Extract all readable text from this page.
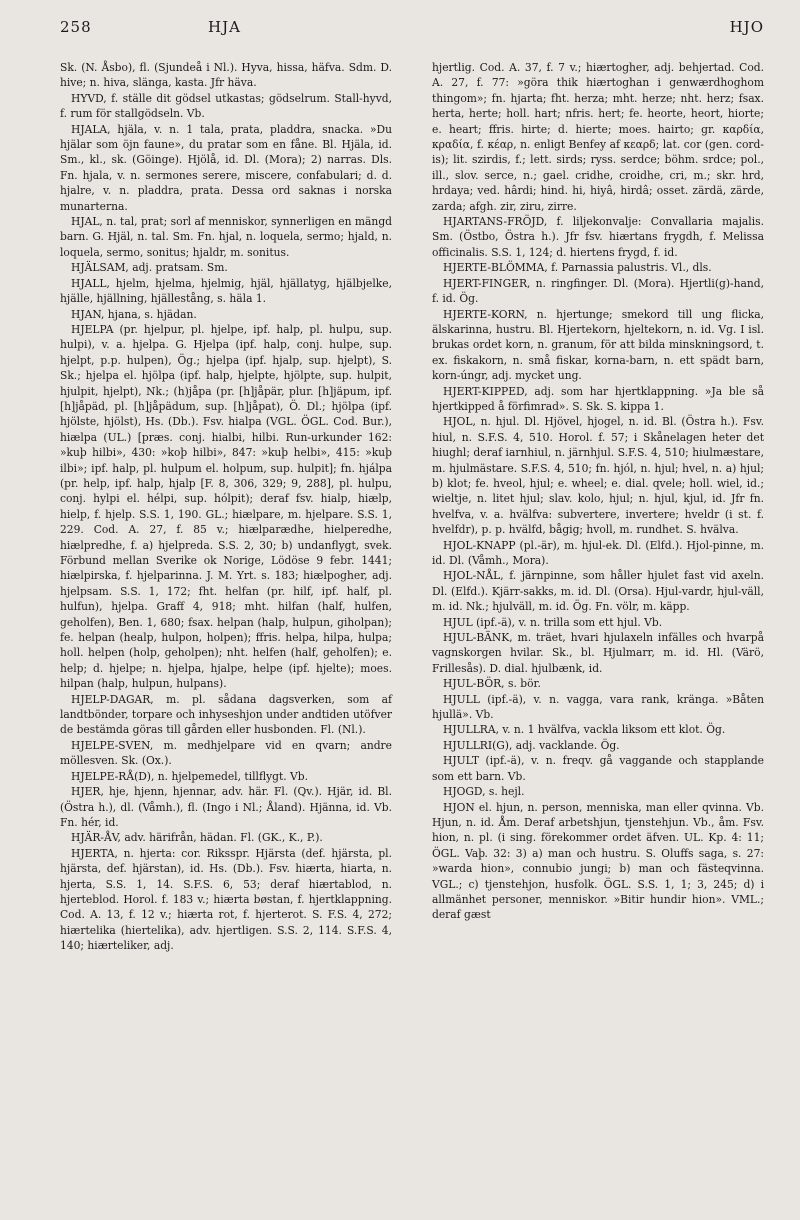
258	HJA	HJO

Sk. (N. Åsbo), fl. (Sjundeå i Nl.). Hyva, hissa, häfva. Sdm. D. hive; n. hiva, slänga, kasta. Jfr häva.

HYVD, f. ställe dit gödsel utkastas; gödselrum. Stall-hyvd, f. rum för stallgödseln. Vb.

HJALA, hjäla, v. n. 1 tala, prata, pladdra, snacka. »Du hjälar som öjn faune», du pratar som en fåne. Bl. Hjäla, id. Sm., kl., sk. (Göinge). Hjölå, id. Dl. (Mora); 2) narras. Dls. Fn. hjala, v. n. sermones serere, miscere, confabulari; d. d. hjalre, v. n. pladdra, prata. Dessa ord saknas i norska munarterna.

HJAL, n. tal, prat; sorl af menniskor, synnerligen en mängd barn. G. Hjäl, n. tal. Sm. Fn. hjal, n. loquela, sermo; hjald, n. loquela, sermo, sonitus; hjaldr, m. sonitus.

HJÄLSAM, adj. pratsam. Sm.

HJALL, hjelm, hjelma, hjelmig, hjäl, hjällatyg, hjälbjelke, hjälle, hjällning, hjällestång, s. häla 1.

HJAN, hjana, s. hjädan.

HJELPA (pr. hjelpur, pl. hjelpe, ipf. halp, pl. hulpu, sup. hulpi), v. a. hjelpa. G. Hjelpa (ipf. halp, conj. hulpe, sup. hjelpt, p.p. hulpen), Ög.; hjelpa (ipf. hjalp, sup. hjelpt), S. Sk.; hjelpa el. hjölpa (ipf. halp, hjelpte, hjölpte, sup. hulpit, hjulpit, hjelpt), Nk.; (h)jåpa (pr. [h]jåpär, plur. [h]jäpum, ipf. [h]jåpäd, pl. [h]jåpädum, sup. [h]jåpat), Ö. Dl.; hjölpa (ipf. hjölste, hjölst), Hs. (Db.). Fsv. hialpa (VGL. ÖGL. Cod. Bur.), hiælpa (UL.) [præs. conj. hialbi, hilbi. Run-urkunder 162: »kuþ hilbi», 430: »koþ hilbi», 847: »kuþ helbi», 415: »kuþ ilbi»; ipf. halp, pl. hulpum el. holpum, sup. hulpit]; fn. hjálpa (pr. help, ipf. halp, hjalp [F. 8, 306, 329; 9, 288], pl. hulpu, conj. hylpi el. hélpi, sup. hólpit); deraf fsv. hialp, hiælp, hielp, f. hjelp. S.S. 1, 190. GL.; hiælpare, m. hjelpare. S.S. 1, 229. Cod. A. 27, f. 85 v.; hiælparædhe, hielperedhe, hiælpredhe, f. a) hjelpreda. S.S. 2, 30; b) undanflygt, svek. Förbund mellan Sverike ok Norige, Lödöse 9 febr. 1441; hiælpirska, f. hjelparinna. J. M. Yrt. s. 183; hiælpogher, adj. hjelpsam. S.S. 1, 172; fht. helfan (pr. hilf, ipf. half, pl. hulfun), hjelpa. Graff 4, 918; mht. hilfan (half, hulfen, geholfen), Ben. 1, 680; fsax. helpan (halp, hulpun, giholpan); fe. helpan (healp, hulpon, holpen); ffris. helpa, hilpa, hulpa; holl. helpen (holp, geholpen); nht. helfen (half, geholfen); e. help; d. hjelpe; n. hjelpa, hjalpe, helpe (ipf. hjelte); moes. hilpan (halp, hulpun, hulpans).

HJELP-DAGAR, m. pl. sådana dagsverken, som af landtbönder, torpare och inhyseshjon under andtiden utöfver de bestämda göras till gården eller husbonden. Fl. (Nl.).

HJELPE-SVEN, m. medhjelpare vid en qvarn; andre möllesven. Sk. (Ox.).

HJELPE-RÅ(D), n. hjelpemedel, tillflygt. Vb.

HJER, hje, hjenn, hjennar, adv. här. Fl. (Qv.). Hjär, id. Bl. (Östra h.), dl. (Våmh.), fl. (Ingo i Nl.; Åland). Hjänna, id. Vb. Fn. hér, id.

HJÄR-ÅV, adv. härifrån, hädan. Fl. (GK., K., P.).

HJERTA, n. hjerta: cor. Riksspr. Hjärsta (def. hjärsta, pl. hjärsta, def. hjärstan), id. Hs. (Db.). Fsv. hiærta, hiarta, n. hjerta, S.S. 1, 14. S.F.S. 6, 53; deraf hiærtablod, n. hjerteblod. Horol. f. 183 v.; hiærta bøstan, f. hjertklappning. Cod. A. 13, f. 12 v.; hiærta rot, f. hjerterot. S. F.S. 4, 272; hiærtelika (hiertelika), adv. hjertligen. S.S. 2, 114. S.F.S. 4, 140; hiærteliker, adj.

hjertlig. Cod. A. 37, f. 7 v.; hiærtogher, adj. behjertad. Cod. A. 27, f. 77: »göra thik hiærtoghan i genwærdhoghom thingom»; fn. hjarta; fht. herza; mht. herze; nht. herz; fsax. herta, herte; holl. hart; nfris. hert; fe. heorte, heort, hiorte; e. heart; ffris. hirte; d. hierte; moes. hairto; gr. καρδία, κραδία, f. κέαρ, n. enligt Benfey af κεαρδ; lat. cor (gen. cord-is); lit. szirdis, f.; lett. sirds; ryss. serdce; böhm. srdce; pol., ill., slov. serce, n.; gael. cridhe, croidhe, cri, m.; skr. hrd, hrdaya; ved. hârdi; hind. hi, hiyâ, hirdâ; osset. zärdä, zärde, zarda; afgh. zir, ziru, zirre.

HJARTANS-FRÖJD, f. liljekonvalje: Convallaria majalis. Sm. (Östbo, Östra h.). Jfr fsv. hiærtans frygdh, f. Melissa officinalis. S.S. 1, 124; d. hiertens frygd, f. id.

HJERTE-BLÖMMA, f. Parnassia palustris. Vl., dls.

HJERT-FINGER, n. ringfinger. Dl. (Mora). Hjertli(g)-hand, f. id. Ög.

HJERTE-KORN, n. hjertunge; smekord till ung flicka, älskarinna, hustru. Bl. Hjertekorn, hjeltekorn, n. id. Vg. I isl. brukas ordet korn, n. granum, för att bilda minskningsord, t. ex. fiskakorn, n. små fiskar, korna-barn, n. ett spädt barn, korn-úngr, adj. mycket ung.

HJERT-KIPPED, adj. som har hjertklappning. »Ja ble så hjertkipped å förfimrad». S. Sk. S. kippa 1.

HJOL, n. hjul. Dl. Hjövel, hjogel, n. id. Bl. (Östra h.). Fsv. hiul, n. S.F.S. 4, 510. Horol. f. 57; i Skånelagen heter det hiughl; deraf iarnhiul, n. järnhjul. S.F.S. 4, 510; hiulmæstare, m. hjulmästare. S.F.S. 4, 510; fn. hjól, n. hjul; hvel, n. a) hjul; b) klot; fe. hveol, hjul; e. wheel; e. dial. qvele; holl. wiel, id.; wieltje, n. litet hjul; slav. kolo, hjul; n. hjul, kjul, id. Jfr fn. hvelfva, v. a. hvälfva: subvertere, invertere; hveldr (i st. f. hvelfdr), p. p. hvälfd, bågig; hvoll, m. rundhet. S. hvälva.

HJOL-KNAPP (pl.-är), m. hjul-ek. Dl. (Elfd.). Hjol-pinne, m. id. Dl. (Våmh., Mora).

HJOL-NÅL, f. järnpinne, som håller hjulet fast vid axeln. Dl. (Elfd.). Kjärr-sakks, m. id. Dl. (Orsa). Hjul-vardr, hjul-väll, m. id. Nk.; hjulväll, m. id. Ög. Fn. völr, m. käpp.

HJUL (ipf.-ä), v. n. trilla som ett hjul. Vb.

HJUL-BÄNK, m. träet, hvari hjulaxeln infälles och hvarpå vagnskorgen hvilar. Sk., bl. Hjulmarr, m. id. Hl. (Värö, Frillesås). D. dial. hjulbænk, id.

HJUL-BÖR, s. bör.

HJULL (ipf.-ä), v. n. vagga, vara rank, kränga. »Båten hjullä». Vb.

HJULLRA, v. n. 1 hvälfva, vackla liksom ett klot. Ög.

HJULLRI(G), adj. vacklande. Ög.

HJULT (ipf.-ä), v. n. freqv. gå vaggande och stapplande som ett barn. Vb.

HJOGD, s. hejl.

HJON el. hjun, n. person, menniska, man eller qvinna. Vb. Hjun, n. id. Åm. Deraf arbetshjun, tjenstehjun. Vb., åm. Fsv. hion, n. pl. (i sing. förekommer ordet äfven. UL. Kp. 4: 11; ÖGL. Vaþ. 32: 3) a) man och hustru. S. Oluffs saga, s. 27: »warda hion», connubio jungi; b) man och fästeqvinna. VGL.; c) tjenstehjon, husfolk. ÖGL. S.S. 1, 1; 3, 245; d) i allmänhet personer, menniskor. »Bitir hundir hion». VML.; deraf gæst
